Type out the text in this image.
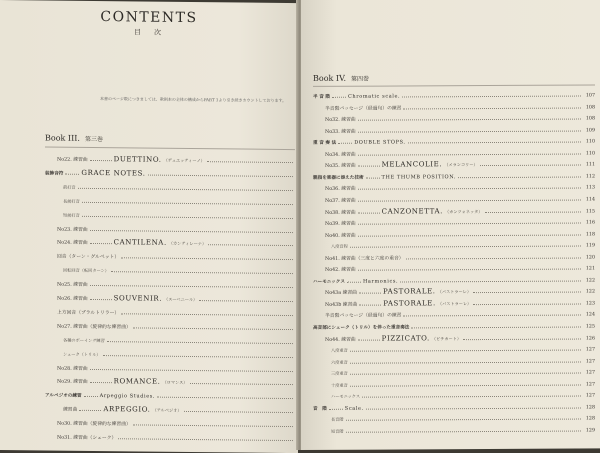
CONTENTS
目　次
本書のページ数につきましては、教則本の全体の構成からPART 1より引き続きカウントしております。
Book III. 第三巻
No22. 練習曲	DUETTINO. （デュエッティーノ）
装飾音符	GRACE NOTES.
前打音
長前打音
短前打音
No23. 練習曲
No24. 練習曲	CANTILENA. （カンティレーナ）
回音（ターン・グルペット）
回転回音（転回ターン）
No25. 練習曲
No26. 練習曲	SOUVENIR. （スーベニール）
上方回音（プラルトリラー）
No27. 練習曲（旋律的な練習曲）
各種のボーイング練習
シェーク（トリル）
No28. 練習曲
No29. 練習曲	ROMANCE. （ロマンス）
アルペジオの練習	Arpeggio Studies.
練習曲	ARPEGGIO. （アルペジオ）
No30. 練習曲（旋律的な練習曲）
No31. 練習曲（シェーク）
Book IV. 第四巻
半 音 階	Chromatic scale.	107
半音階パッセージ（経過句）の練習	108
No32. 練習曲	108
No33. 練習曲	109
重 音 奏 法	DOUBLE STOPS.	110
No34. 練習曲	110
No35. 練習曲	MELANCOLIE. （メランコリー）	111
親指を楽器に添えた技術	THE THUMB POSITION.	112
No36. 練習曲	113
No37. 練習曲	114
No38. 練習曲	CANZONETTA. （カンツォネッタ）	115
No39. 練習曲	116
No40. 練習曲	118
八度音程	119
No41. 練習曲（三度と六度の重音）	120
No42. 練習曲	121
ハーモニックス	Harmonics.	122
No43a 練習曲	PASTORALE. （パストラーレ）	122
No43b 練習曲	PASTORALE. （パストラーレ）	123
半音階パッセージ（経過句）の練習	124
高音部にシェーク（トリル）を伴った重音奏法	125
No44. 練習曲	PIZZICATO. （ピチカート）	126
八度重音	127
六度重音	127
三度重音	127
十度重音	127
ハーモニックス	127
音　階	Scale.	128
長音階	128
短音階	129
